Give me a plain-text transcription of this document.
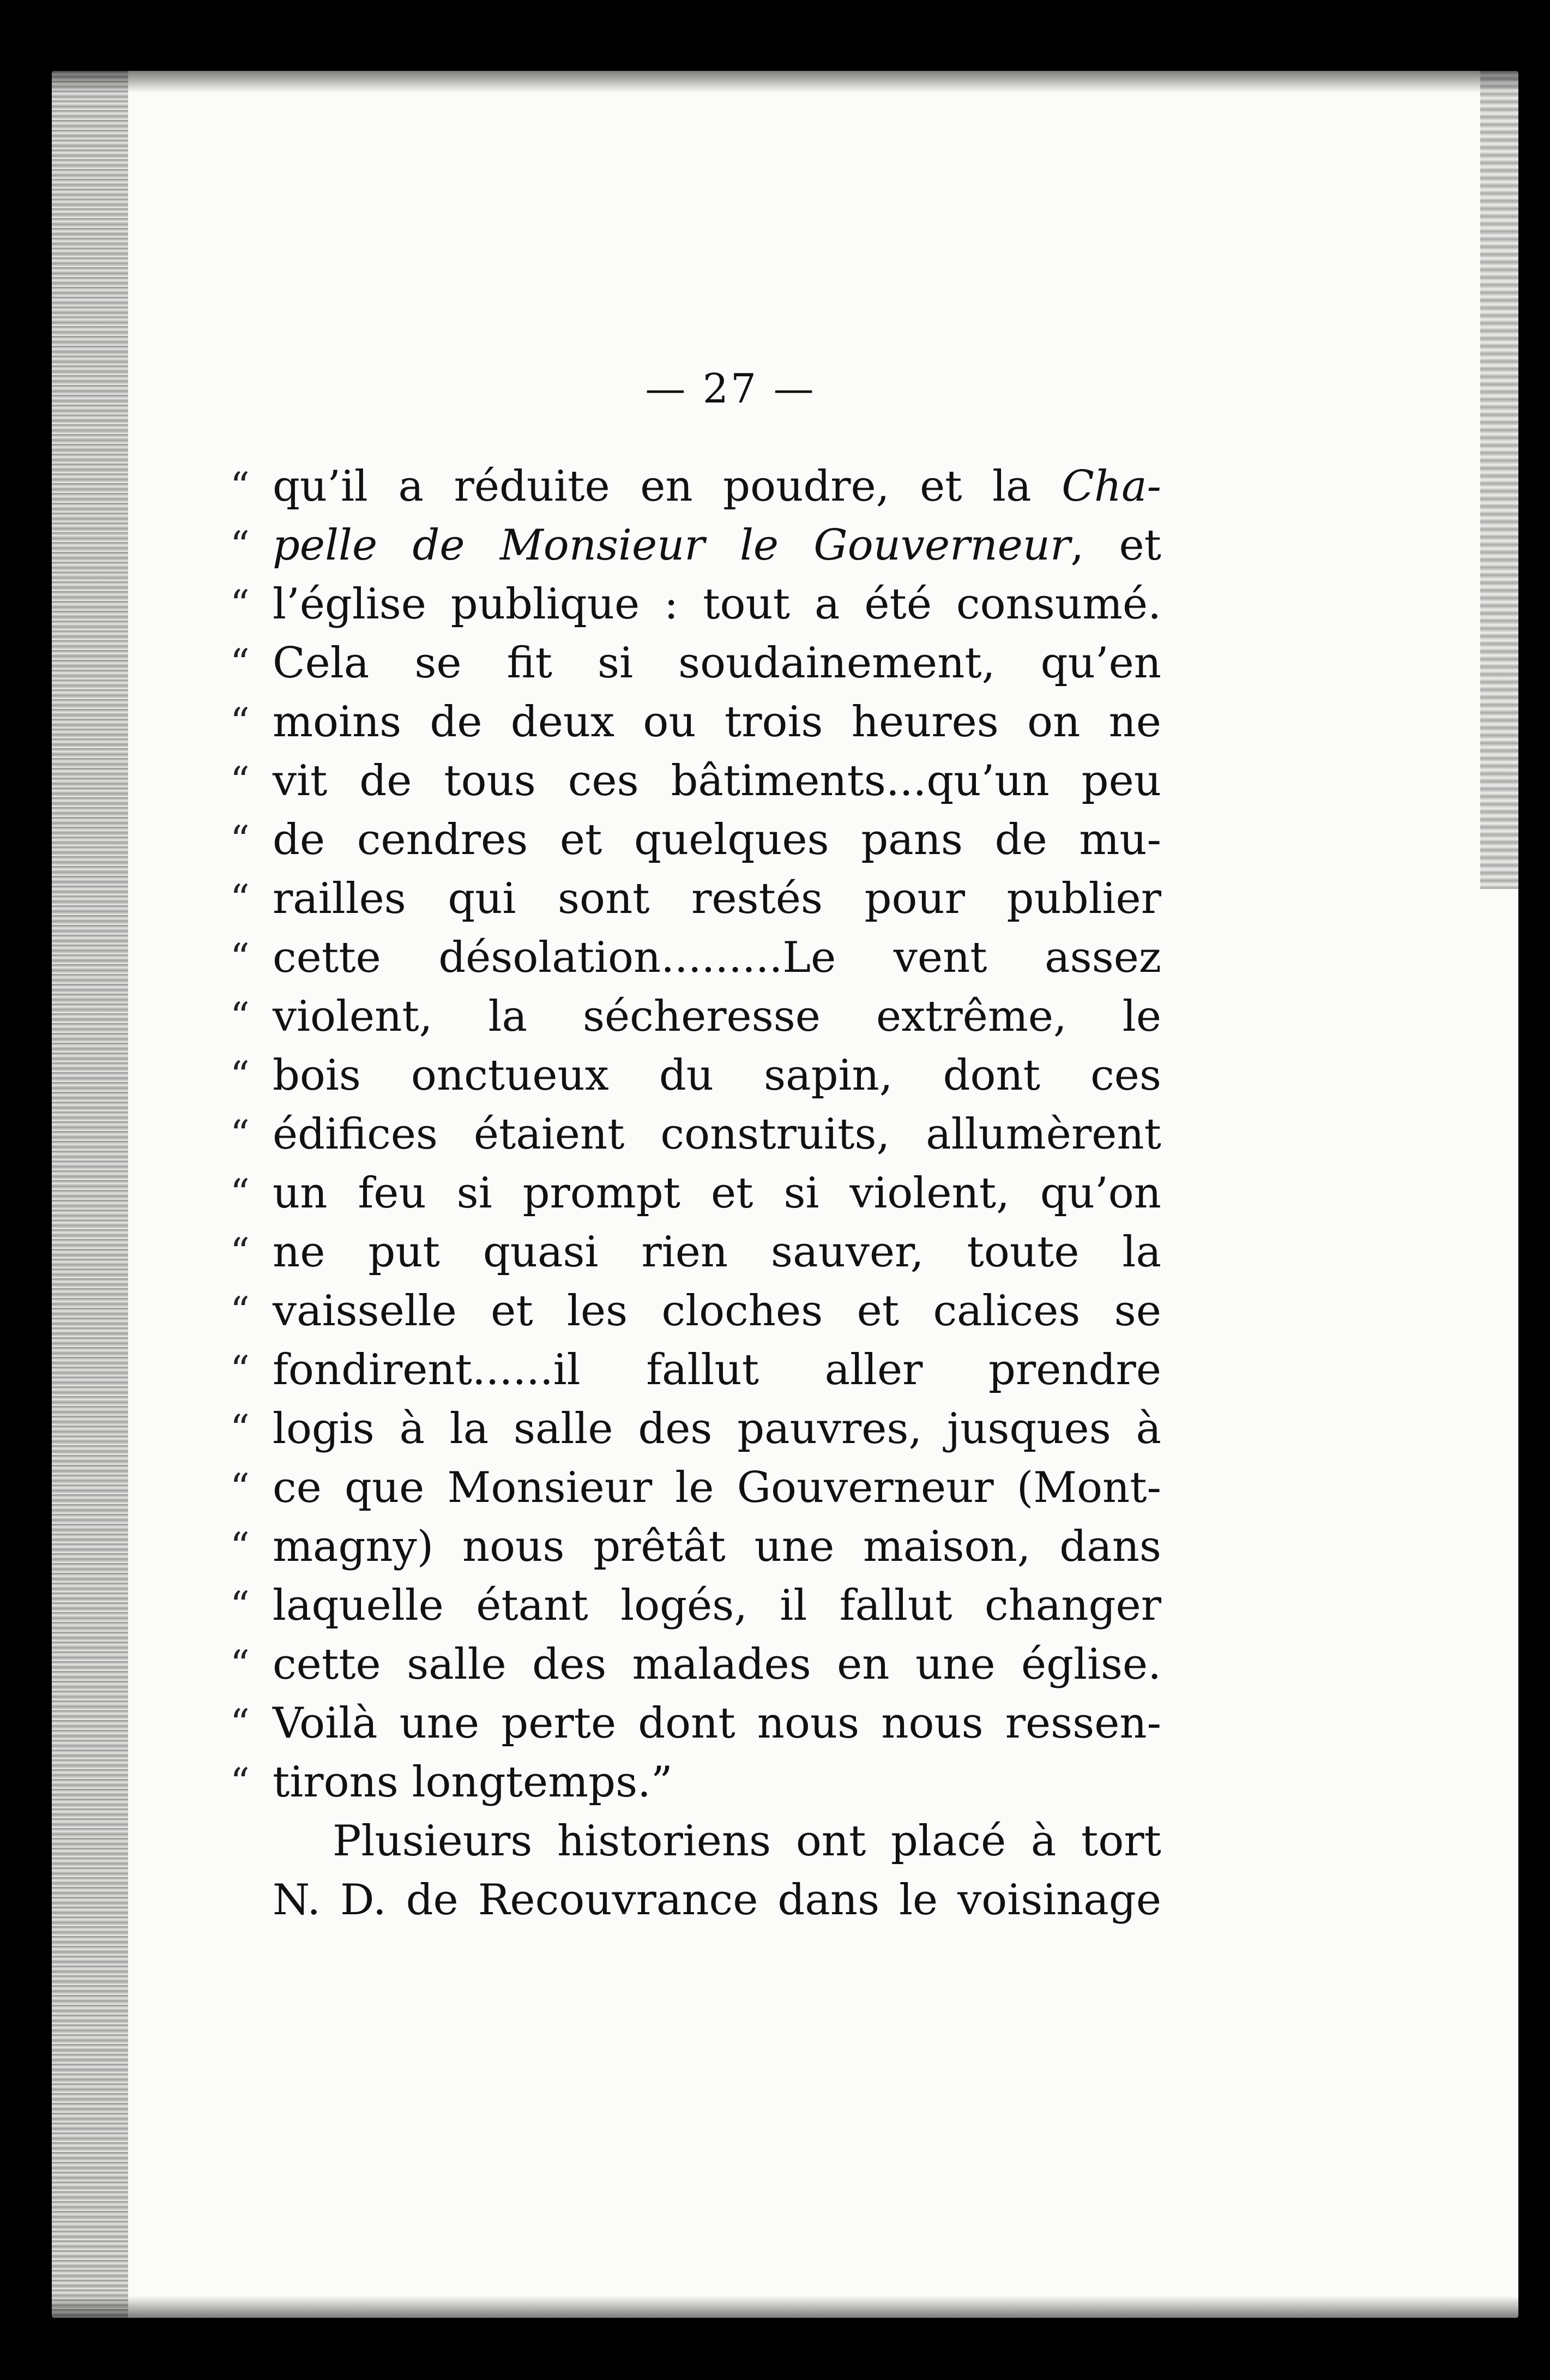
— 27 —
“ qu’il a réduite en poudre, et la Cha-
“ pelle de Monsieur le Gouverneur, et
“ l’église publique : tout a été consumé.
“ Cela se fit si soudainement, qu’en
“ moins de deux ou trois heures on ne
“ vit de tous ces bâtiments...qu’un peu
“ de cendres et quelques pans de mu-
“ railles qui sont restés pour publier
“ cette désolation.........Le vent assez
“ violent, la sécheresse extrême, le
“ bois onctueux du sapin, dont ces
“ édifices étaient construits, allumèrent
“ un feu si prompt et si violent, qu’on
“ ne put quasi rien sauver, toute la
“ vaisselle et les cloches et calices se
“ fondirent......il fallut aller prendre
“ logis à la salle des pauvres, jusques à
“ ce que Monsieur le Gouverneur (Mont-
“ magny) nous prêtât une maison, dans
“ laquelle étant logés, il fallut changer
“ cette salle des malades en une église.
“ Voilà une perte dont nous nous ressen-
“ tirons longtemps.”
Plusieurs historiens ont placé à tort
N. D. de Recouvrance dans le voisinage
